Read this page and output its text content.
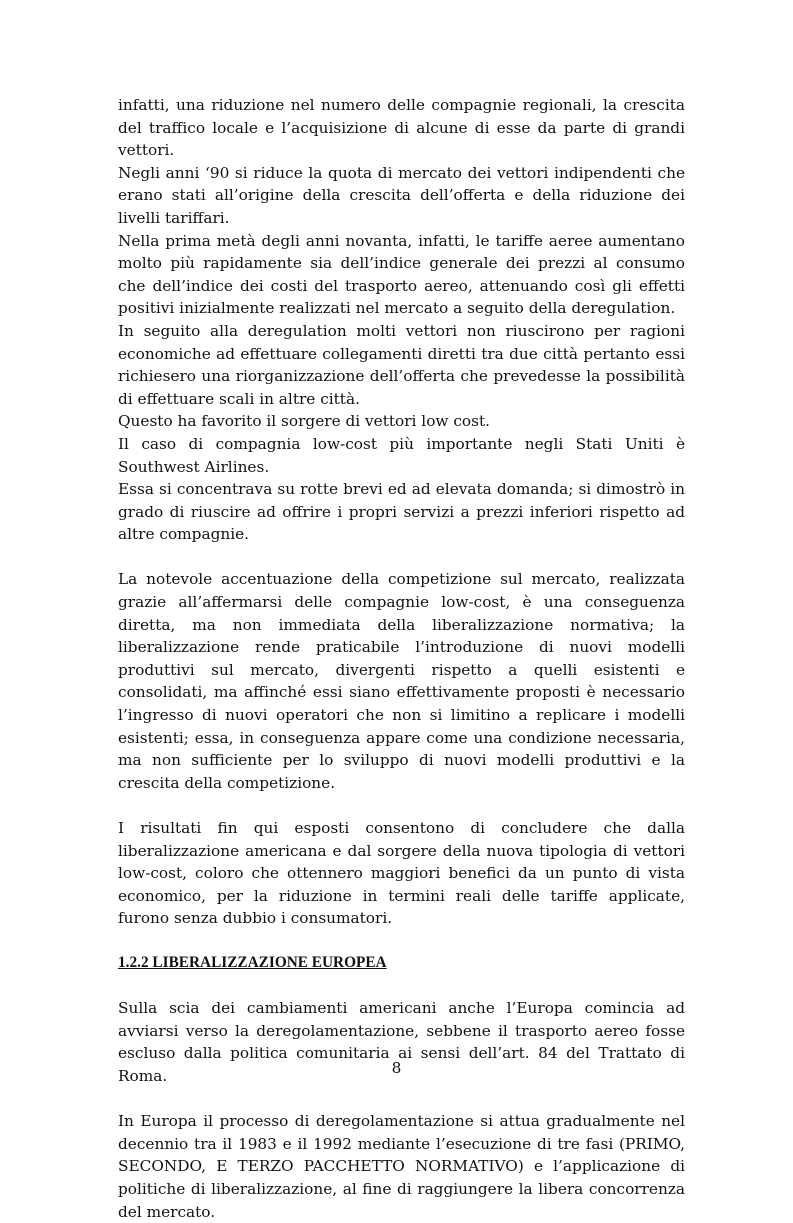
infatti, una riduzione nel numero delle compagnie regionali, la crescita del traffico locale e l’acquisizione di alcune di esse da parte di grandi vettori.

Negli anni ‘90 si riduce la quota di mercato dei vettori indipendenti che erano stati all’origine della crescita dell’offerta e della riduzione dei livelli tariffari.

Nella prima metà degli anni novanta, infatti, le tariffe aeree aumentano molto più rapidamente sia dell’indice generale dei prezzi al consumo che dell’indice dei costi del trasporto aereo, attenuando così gli effetti positivi inizialmente realizzati nel mercato a seguito della deregulation.

In seguito alla deregulation molti vettori non riuscirono per ragioni economiche ad effettuare collegamenti diretti tra due città pertanto essi richiesero una riorganizzazione dell’offerta che prevedesse la possibilità di effettuare scali in altre città.

Questo ha favorito il sorgere di vettori low cost.

Il caso di compagnia low-cost più importante negli Stati Uniti è Southwest Airlines.

Essa si concentrava su rotte brevi ed ad elevata domanda; si dimostrò in grado di riuscire ad offrire i propri servizi a prezzi inferiori rispetto ad altre compagnie.

La notevole accentuazione della competizione sul mercato, realizzata grazie all’affermarsi delle compagnie low-cost, è una conseguenza diretta, ma non immediata della liberalizzazione normativa; la liberalizzazione rende praticabile l’introduzione di nuovi modelli produttivi sul mercato, divergenti rispetto a quelli esistenti e consolidati, ma affinché essi siano effettivamente proposti è necessario l’ingresso di nuovi operatori che non si limitino a replicare i modelli esistenti; essa, in conseguenza appare come una condizione necessaria, ma non sufficiente per lo sviluppo di nuovi modelli produttivi e la crescita della competizione.

I risultati fin qui esposti consentono di concludere che dalla liberalizzazione americana e dal sorgere della nuova tipologia di vettori low-cost, coloro che ottennero maggiori benefici da un punto di vista economico, per la riduzione in termini reali delle tariffe applicate, furono senza dubbio i consumatori.

1.2.2 LIBERALIZZAZIONE EUROPEA

Sulla scia dei cambiamenti americani anche l’Europa comincia ad avviarsi verso la deregolamentazione, sebbene il trasporto aereo fosse escluso dalla politica comunitaria ai sensi dell’art. 84 del Trattato di Roma.

In Europa il processo di deregolamentazione si attua gradualmente nel decennio tra il 1983 e il 1992 mediante l’esecuzione di tre fasi (PRIMO, SECONDO, E TERZO PACCHETTO NORMATIVO) e l’applicazione di politiche di liberalizzazione, al fine di raggiungere la libera concorrenza del mercato.

8
